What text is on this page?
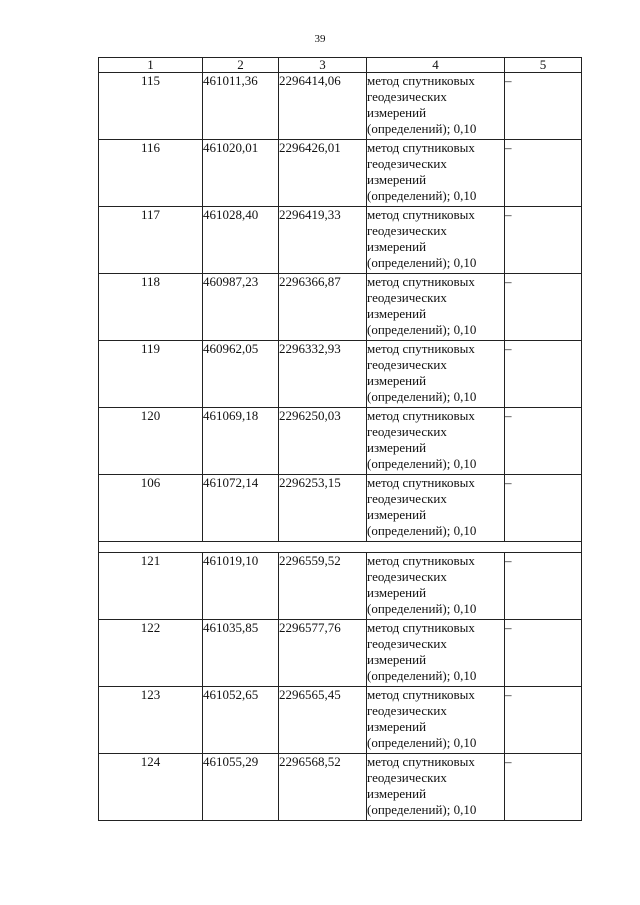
39
1	2	3	4	5
115	461011,36	2296414,06	метод спутниковых
геодезических
измерений
(определений); 0,10	–
116	461020,01	2296426,01	метод спутниковых
геодезических
измерений
(определений); 0,10	–
117	461028,40	2296419,33	метод спутниковых
геодезических
измерений
(определений); 0,10	–
118	460987,23	2296366,87	метод спутниковых
геодезических
измерений
(определений); 0,10	–
119	460962,05	2296332,93	метод спутниковых
геодезических
измерений
(определений); 0,10	–
120	461069,18	2296250,03	метод спутниковых
геодезических
измерений
(определений); 0,10	–
106	461072,14	2296253,15	метод спутниковых
геодезических
измерений
(определений); 0,10	–

121	461019,10	2296559,52	метод спутниковых
геодезических
измерений
(определений); 0,10	–
122	461035,85	2296577,76	метод спутниковых
геодезических
измерений
(определений); 0,10	–
123	461052,65	2296565,45	метод спутниковых
геодезических
измерений
(определений); 0,10	–
124	461055,29	2296568,52	метод спутниковых
геодезических
измерений
(определений); 0,10	–
